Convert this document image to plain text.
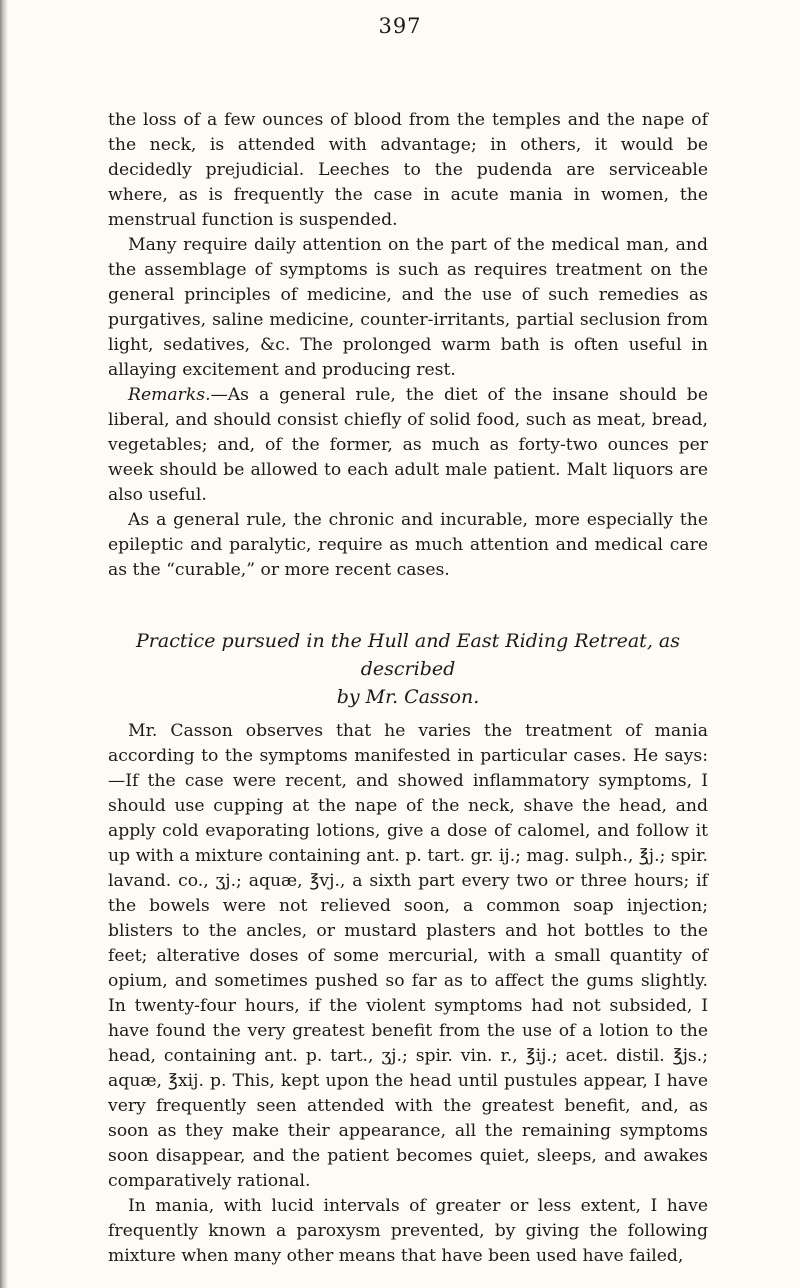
397

the loss of a few ounces of blood from the temples and the nape of the neck, is attended with advantage; in others, it would be decidedly prejudicial. Leeches to the pudenda are serviceable where, as is frequently the case in acute mania in women, the menstrual function is suspended.

Many require daily attention on the part of the medical man, and the assemblage of symptoms is such as requires treatment on the general principles of medicine, and the use of such remedies as purgatives, saline medicine, counter-irritants, partial seclusion from light, sedatives, &c. The prolonged warm bath is often useful in allaying excitement and producing rest.

Remarks.—As a general rule, the diet of the insane should be liberal, and should consist chiefly of solid food, such as meat, bread, vegetables; and, of the former, as much as forty-two ounces per week should be allowed to each adult male patient. Malt liquors are also useful.

As a general rule, the chronic and incurable, more especially the epileptic and paralytic, require as much attention and medical care as the “curable,” or more recent cases.

Practice pursued in the Hull and East Riding Retreat, as described
by Mr. Casson.

Mr. Casson observes that he varies the treatment of mania according to the symptoms manifested in particular cases. He says:—If the case were recent, and showed inflammatory symptoms, I should use cupping at the nape of the neck, shave the head, and apply cold evaporating lotions, give a dose of calomel, and follow it up with a mixture containing ant. p. tart. gr. ij.; mag. sulph., ℥j.; spir. lavand. co., ʒj.; aquæ, ℥vj., a sixth part every two or three hours; if the bowels were not relieved soon, a common soap injection; blisters to the ancles, or mustard plasters and hot bottles to the feet; alterative doses of some mercurial, with a small quantity of opium, and sometimes pushed so far as to affect the gums slightly. In twenty-four hours, if the violent symptoms had not subsided, I have found the very greatest benefit from the use of a lotion to the head, containing ant. p. tart., ʒj.; spir. vin. r., ℥ij.; acet. distil. ℥js.; aquæ, ℥xij. p. This, kept upon the head until pustules appear, I have very frequently seen attended with the greatest benefit, and, as soon as they make their appearance, all the remaining symptoms soon disappear, and the patient becomes quiet, sleeps, and awakes comparatively rational.

In mania, with lucid intervals of greater or less extent, I have frequently known a paroxysm prevented, by giving the following mixture when many other means that have been used have failed,
